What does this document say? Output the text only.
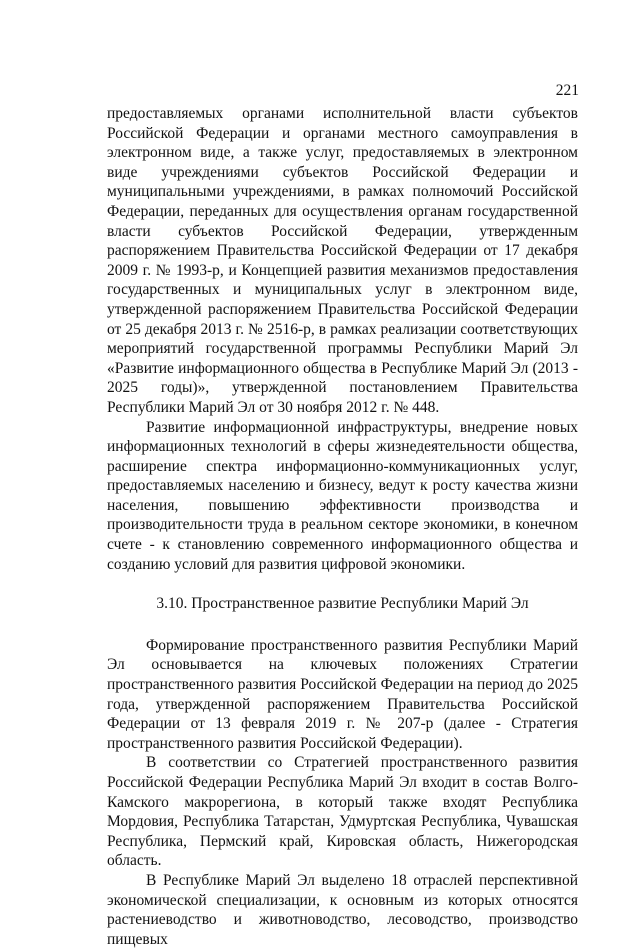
221

предоставляемых органами исполнительной власти субъектов Российской Федерации и органами местного самоуправления в электронном виде, а также услуг, предоставляемых в электронном виде учреждениями субъектов Российской Федерации и муниципальными учреждениями, в рамках полномочий Российской Федерации, переданных для осуществления органам государственной власти субъектов Российской Федерации, утвержденным распоряжением Правительства Российской Федерации от 17 декабря 2009 г. № 1993-р, и Концепцией развития механизмов предоставления государственных и муниципальных услуг в электронном виде, утвержденной распоряжением Правительства Российской Федерации от 25 декабря 2013 г. № 2516-р, в рамках реализации соответствующих мероприятий государственной программы Республики Марий Эл «Развитие информационного общества в Республике Марий Эл (2013 - 2025 годы)», утвержденной постановлением Правительства Республики Марий Эл от 30 ноября 2012 г. № 448.

Развитие информационной инфраструктуры, внедрение новых информационных технологий в сферы жизнедеятельности общества, расширение спектра информационно-коммуникационных услуг, предоставляемых населению и бизнесу, ведут к росту качества жизни населения, повышению эффективности производства и производительности труда в реальном секторе экономики, в конечном счете - к становлению современного информационного общества и созданию условий для развития цифровой экономики.

3.10. Пространственное развитие Республики Марий Эл

Формирование пространственного развития Республики Марий Эл основывается на ключевых положениях Стратегии пространственного развития Российской Федерации на период до 2025 года, утвержденной распоряжением Правительства Российской Федерации от 13 февраля 2019 г. № 207-р (далее - Стратегия пространственного развития Российской Федерации).

В соответствии со Стратегией пространственного развития Российской Федерации Республика Марий Эл входит в состав Волго-Камского макрорегиона, в который также входят Республика Мордовия, Республика Татарстан, Удмуртская Республика, Чувашская Республика, Пермский край, Кировская область, Нижегородская область.

В Республике Марий Эл выделено 18 отраслей перспективной экономической специализации, к основным из которых относятся растениеводство и животноводство, лесоводство, производство пищевых
